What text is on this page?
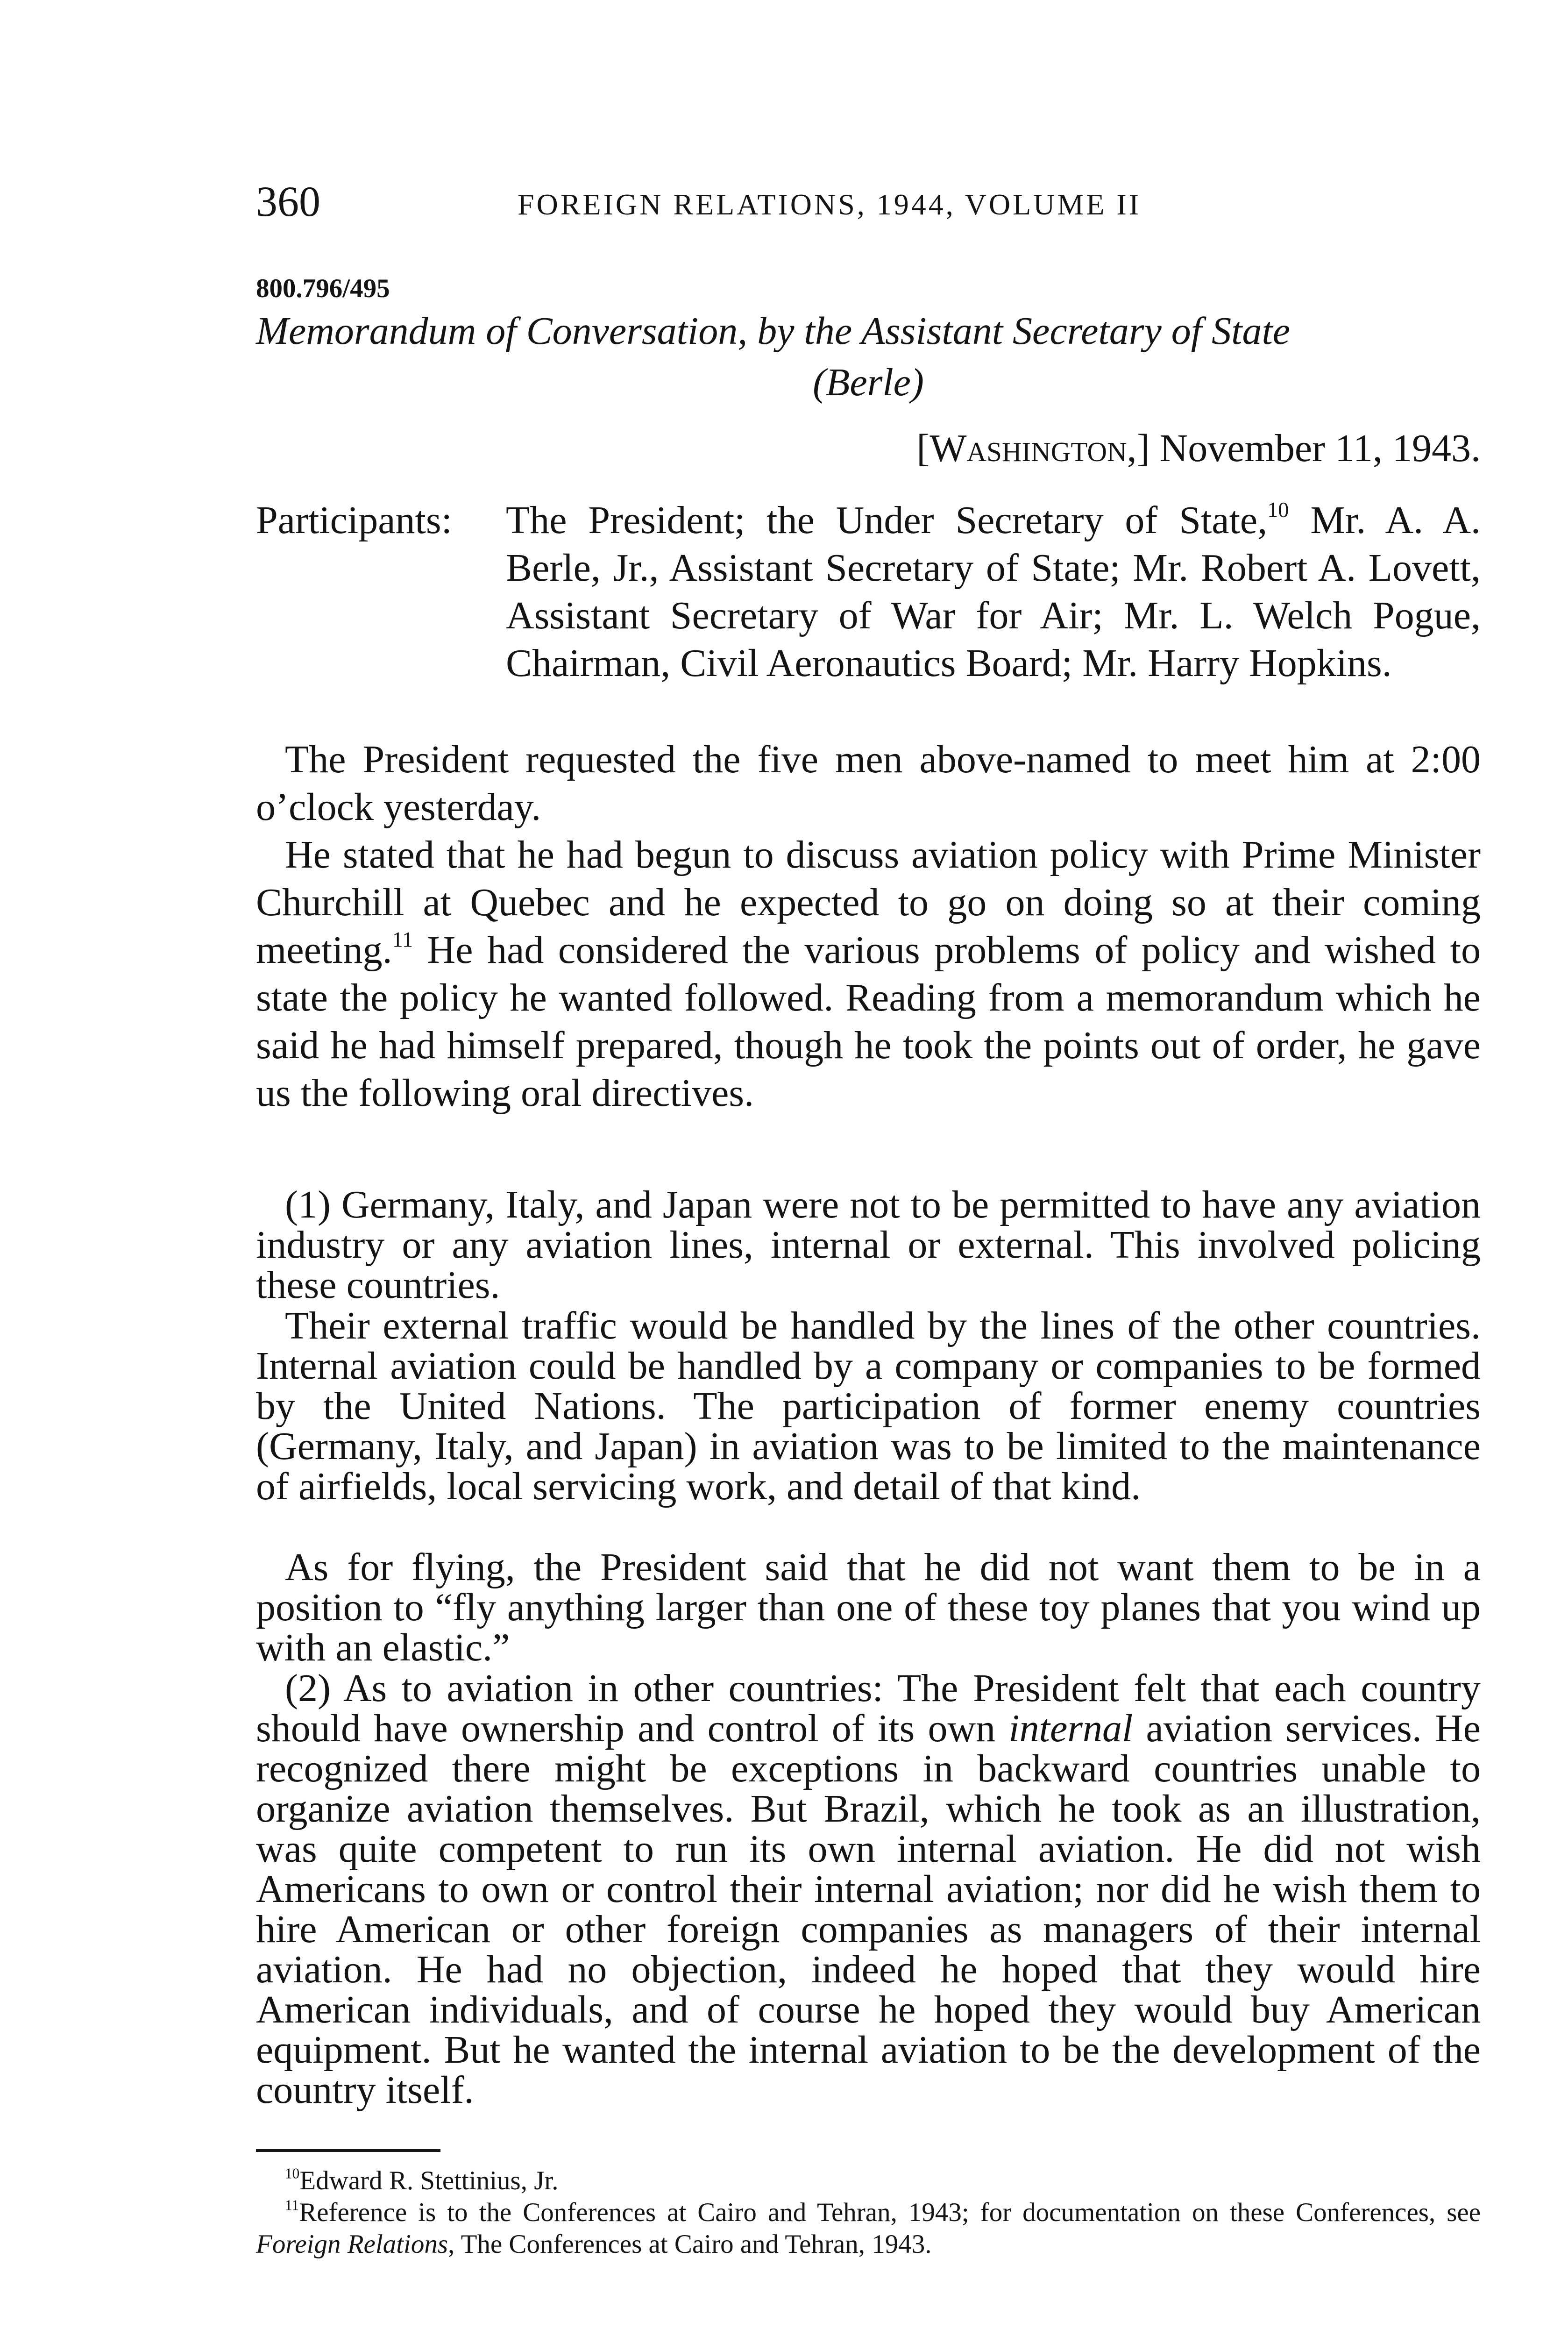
360	FOREIGN RELATIONS, 1944, VOLUME II
800.796/495
Memorandum of Conversation, by the Assistant Secretary of State
(Berle)
[Washington,] November 11, 1943.
Participants: The President; the Under Secretary of State,$^{10}$ Mr. A. A. Berle, Jr., Assistant Secretary of State; Mr. Robert A. Lovett, Assistant Secretary of War for Air; Mr. L. Welch Pogue, Chairman, Civil Aeronautics Board; Mr. Harry Hopkins.

The President requested the five men above-named to meet him at 2:00 o’clock yesterday.

He stated that he had begun to discuss aviation policy with Prime Minister Churchill at Quebec and he expected to go on doing so at their coming meeting.$^{11}$ He had considered the various problems of policy and wished to state the policy he wanted followed. Reading from a memorandum which he said he had himself prepared, though he took the points out of order, he gave us the following oral directives.

(1) Germany, Italy, and Japan were not to be permitted to have any aviation industry or any aviation lines, internal or external. This involved policing these countries.

Their external traffic would be handled by the lines of the other countries. Internal aviation could be handled by a company or companies to be formed by the United Nations. The participation of former enemy countries (Germany, Italy, and Japan) in aviation was to be limited to the maintenance of airfields, local servicing work, and detail of that kind.

As for flying, the President said that he did not want them to be in a position to “fly anything larger than one of these toy planes that you wind up with an elastic.”

(2) As to aviation in other countries: The President felt that each country should have ownership and control of its own internal aviation services. He recognized there might be exceptions in backward countries unable to organize aviation themselves. But Brazil, which he took as an illustration, was quite competent to run its own internal aviation. He did not wish Americans to own or control their internal aviation; nor did he wish them to hire American or other foreign companies as managers of their internal aviation. He had no objection, indeed he hoped that they would hire American individuals, and of course he hoped they would buy American equipment. But he wanted the internal aviation to be the development of the country itself.

$^{10}$Edward R. Stettinius, Jr.

$^{11}$Reference is to the Conferences at Cairo and Tehran, 1943; for documentation on these Conferences, see Foreign Relations, The Conferences at Cairo and Tehran, 1943.
